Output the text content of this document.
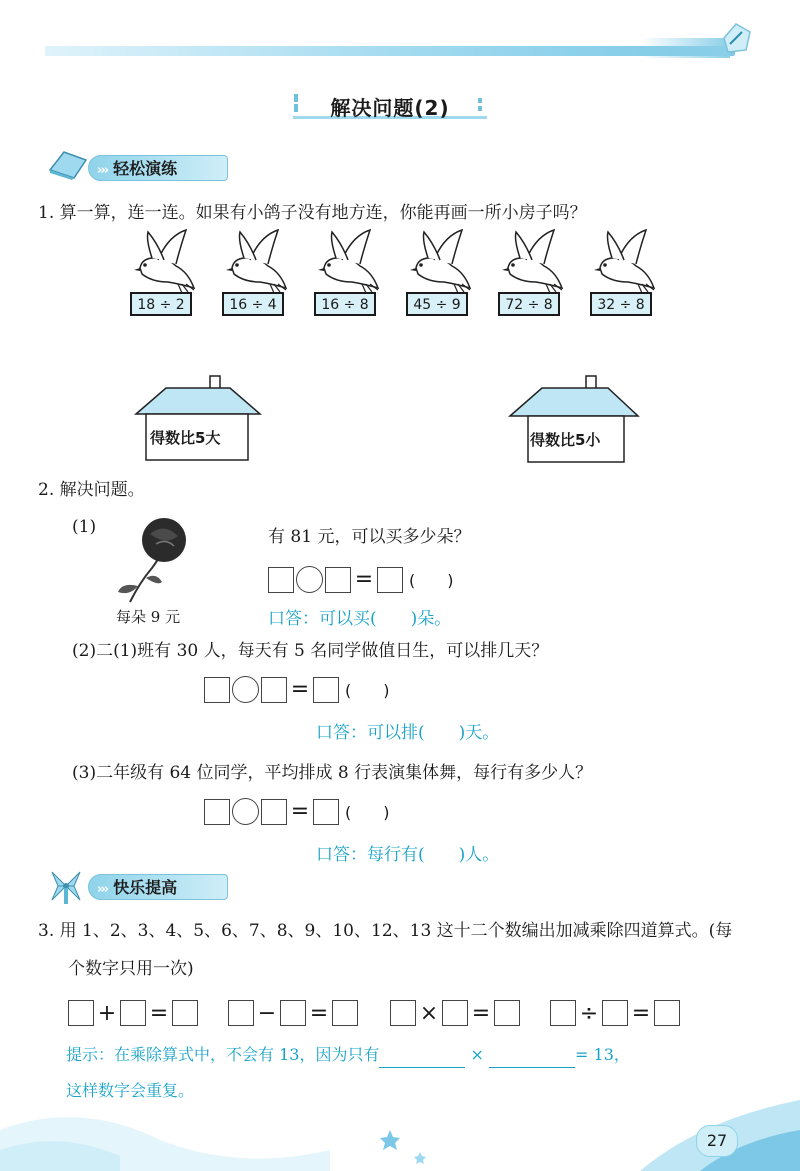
解决问题(2)
››› 轻松演练
1. 算一算，连一连。如果有小鸽子没有地方连，你能再画一所小房子吗？
18 ÷ 2	16 ÷ 4	16 ÷ 8	45 ÷ 9	72 ÷ 8	32 ÷ 8
得数比5大	得数比5小
2. 解决问题。
(1)
每朵 9 元
有 81 元，可以买多少朵？
= (　　)
口答：可以买(　　)朵。
(2)二(1)班有 30 人，每天有 5 名同学做值日生，可以排几天？
= (　　)
口答：可以排(　　)天。
(3)二年级有 64 位同学，平均排成 8 行表演集体舞，每行有多少人？
= (　　)
口答：每行有(　　)人。
››› 快乐提高
3. 用 1、2、3、4、5、6、7、8、9、10、12、13 这十二个数编出加减乘除四道算式。(每
个数字只用一次)
+ =	− =	× =	÷ =
提示：在乘除算式中，不会有 13，因为只有	×	= 13，
这样数字会重复。
27
